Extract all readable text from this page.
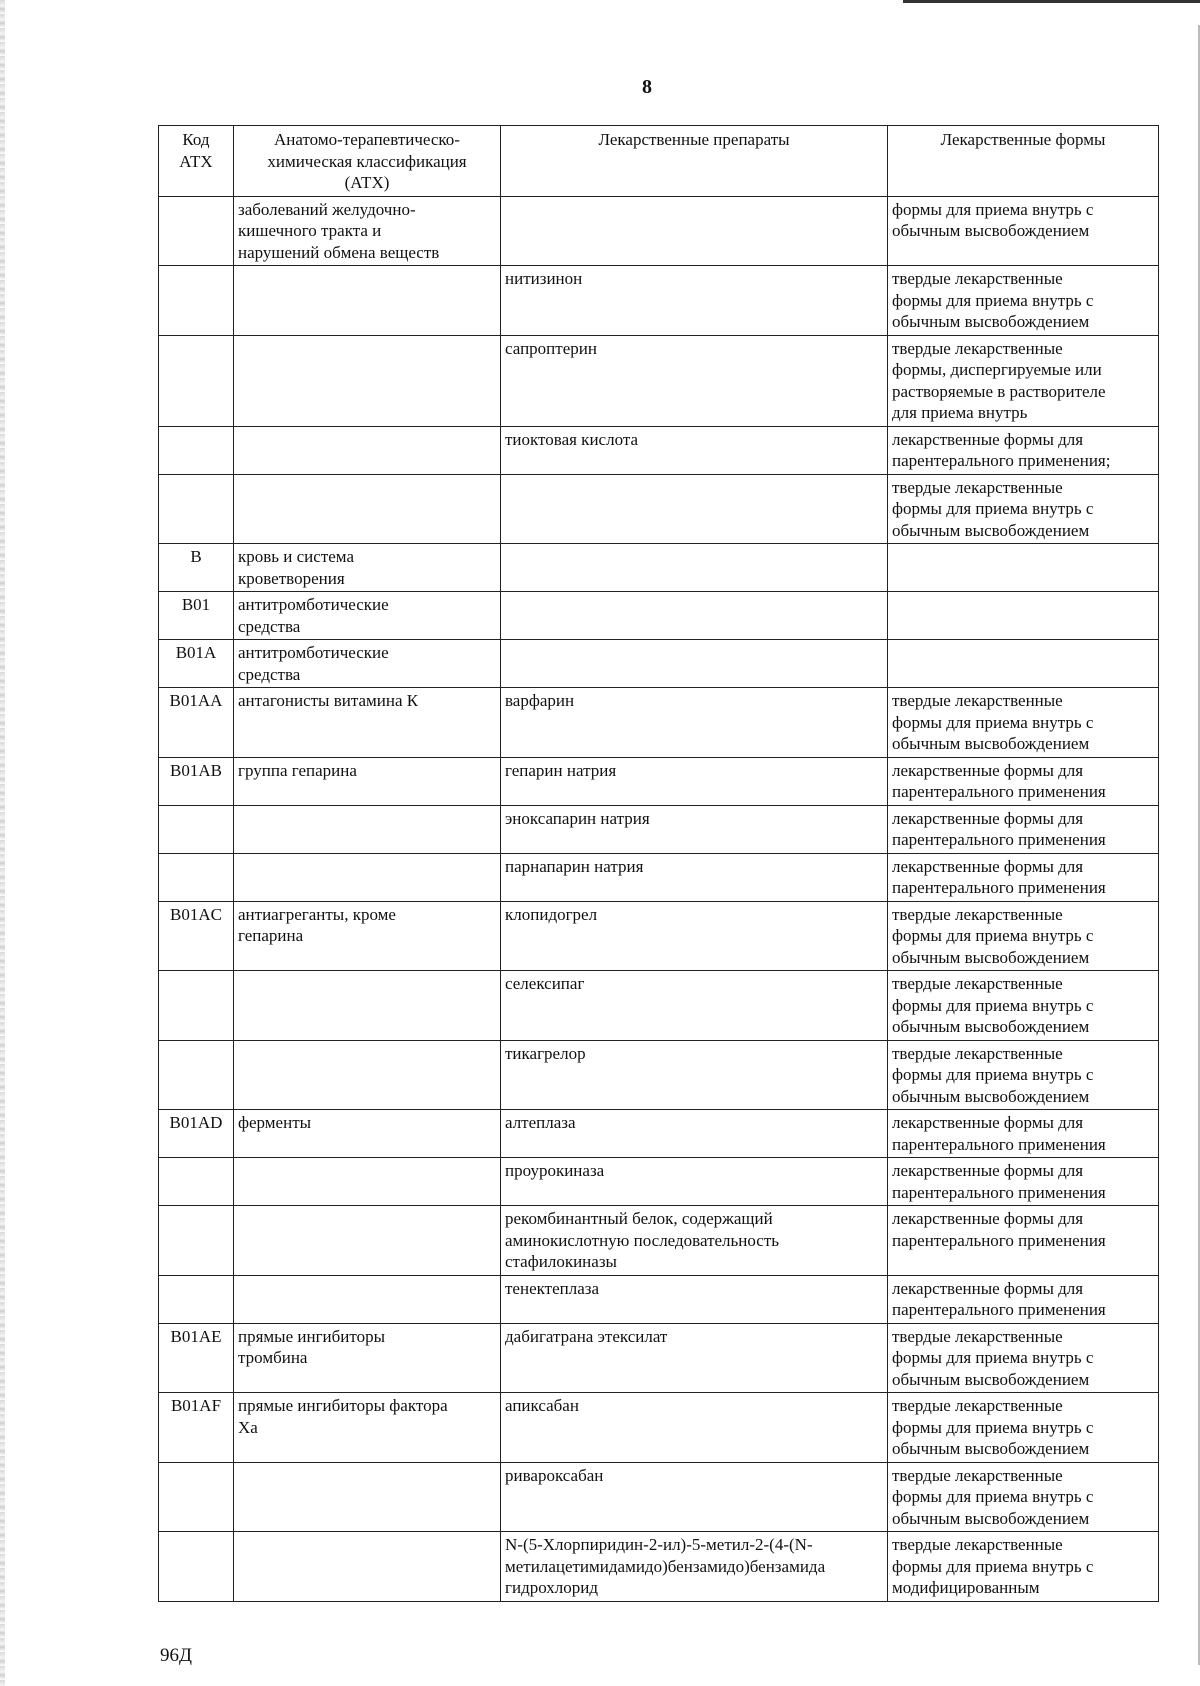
8
Код
АТХ	Анатомо-терапевтическо-
химическая классификация
(АТХ)	Лекарственные препараты	Лекарственные формы

	заболеваний желудочно-
кишечного тракта и
нарушений обмена веществ		формы для приема внутрь с
обычным высвобождением

		нитизинон	твердые лекарственные
формы для приема внутрь с
обычным высвобождением

		сапроптерин	твердые лекарственные
формы, диспергируемые или
растворяемые в растворителе
для приема внутрь

		тиоктовая кислота	лекарственные формы для
парентерального применения;

			твердые лекарственные
формы для приема внутрь с
обычным высвобождением

B	кровь и система
кроветворения		

B01	антитромботические
средства		

B01A	антитромботические
средства		

B01AA	антагонисты витамина К	варфарин	твердые лекарственные
формы для приема внутрь с
обычным высвобождением

B01AB	группа гепарина	гепарин натрия	лекарственные формы для
парентерального применения

		эноксапарин натрия	лекарственные формы для
парентерального применения

		парнапарин натрия	лекарственные формы для
парентерального применения

B01AC	антиагреганты, кроме
гепарина	клопидогрел	твердые лекарственные
формы для приема внутрь с
обычным высвобождением

		селексипаг	твердые лекарственные
формы для приема внутрь с
обычным высвобождением

		тикагрелор	твердые лекарственные
формы для приема внутрь с
обычным высвобождением

B01AD	ферменты	алтеплаза	лекарственные формы для
парентерального применения

		проурокиназа	лекарственные формы для
парентерального применения

		рекомбинантный белок, содержащий
аминокислотную последовательность
стафилокиназы	лекарственные формы для
парентерального применения

		тенектеплаза	лекарственные формы для
парентерального применения

B01AE	прямые ингибиторы
тромбина	дабигатрана этексилат	твердые лекарственные
формы для приема внутрь с
обычным высвобождением

B01AF	прямые ингибиторы фактора
Xa	апиксабан	твердые лекарственные
формы для приема внутрь с
обычным высвобождением

		ривароксабан	твердые лекарственные
формы для приема внутрь с
обычным высвобождением

		N-(5-Хлорпиридин-2-ил)-5-метил-2-(4-(N-
метилацетимидамидо)бензамидо)бензамида
гидрохлорид	твердые лекарственные
формы для приема внутрь с
модифицированным
96Д
